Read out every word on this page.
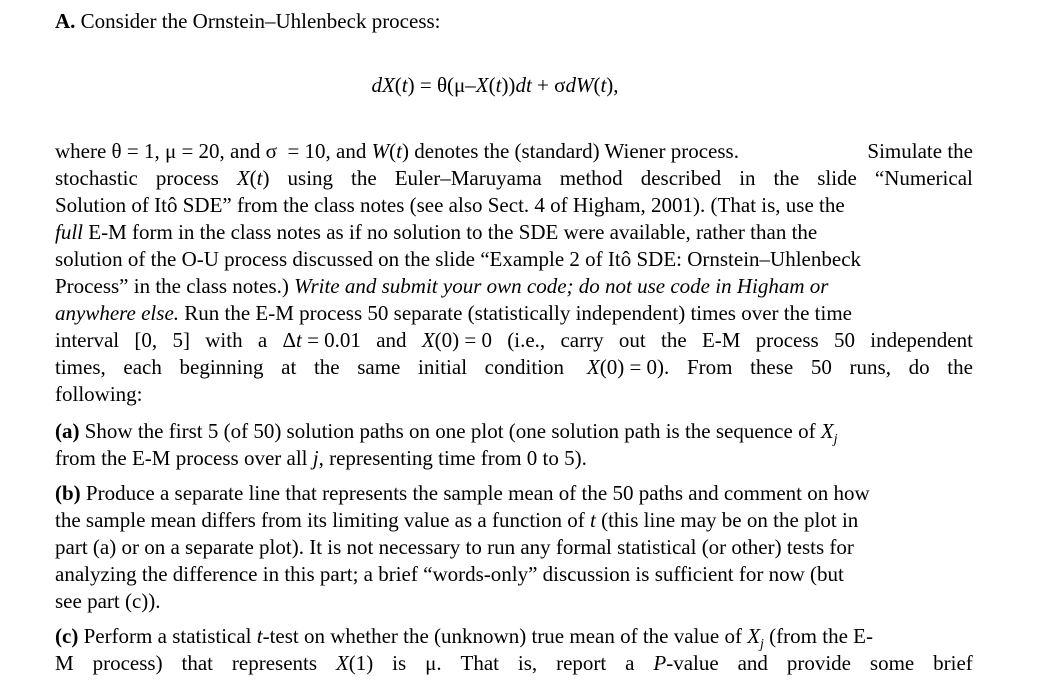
A. Consider the Ornstein–Uhlenbeck process:
dX(t) = θ(μ–X(t))dt + σdW(t),
where θ = 1, μ = 20, and σ  = 10, and W(t) denotes the (standard) Wiener process.	Simulate the
stochastic process X(t) using the Euler–Maruyama method described in the slide “Numerical
Solution of Itô SDE” from the class notes (see also Sect. 4 of Higham, 2001). (That is, use the
full E-M form in the class notes as if no solution to the SDE were available, rather than the
solution of the O-U process discussed on the slide “Example 2 of Itô SDE: Ornstein–Uhlenbeck
Process” in the class notes.) Write and submit your own code; do not use code in Higham or
anywhere else. Run the E-M process 50 separate (statistically independent) times over the time
interval [0, 5] with a Δt = 0.01 and X(0) = 0 (i.e., carry out the E-M process 50 independent
times, each beginning at the same initial condition X(0) = 0). From these 50 runs, do the
following:
(a) Show the first 5 (of 50) solution paths on one plot (one solution path is the sequence of $X_j$
from the E-M process over all j, representing time from 0 to 5).
(b) Produce a separate line that represents the sample mean of the 50 paths and comment on how
the sample mean differs from its limiting value as a function of t (this line may be on the plot in
part (a) or on a separate plot). It is not necessary to run any formal statistical (or other) tests for
analyzing the difference in this part; a brief “words-only” discussion is sufficient for now (but
see part (c)).
(c) Perform a statistical t-test on whether the (unknown) true mean of the value of $X_j$ (from the E-
M process) that represents X(1) is μ. That is, report a P-value and provide some brief
